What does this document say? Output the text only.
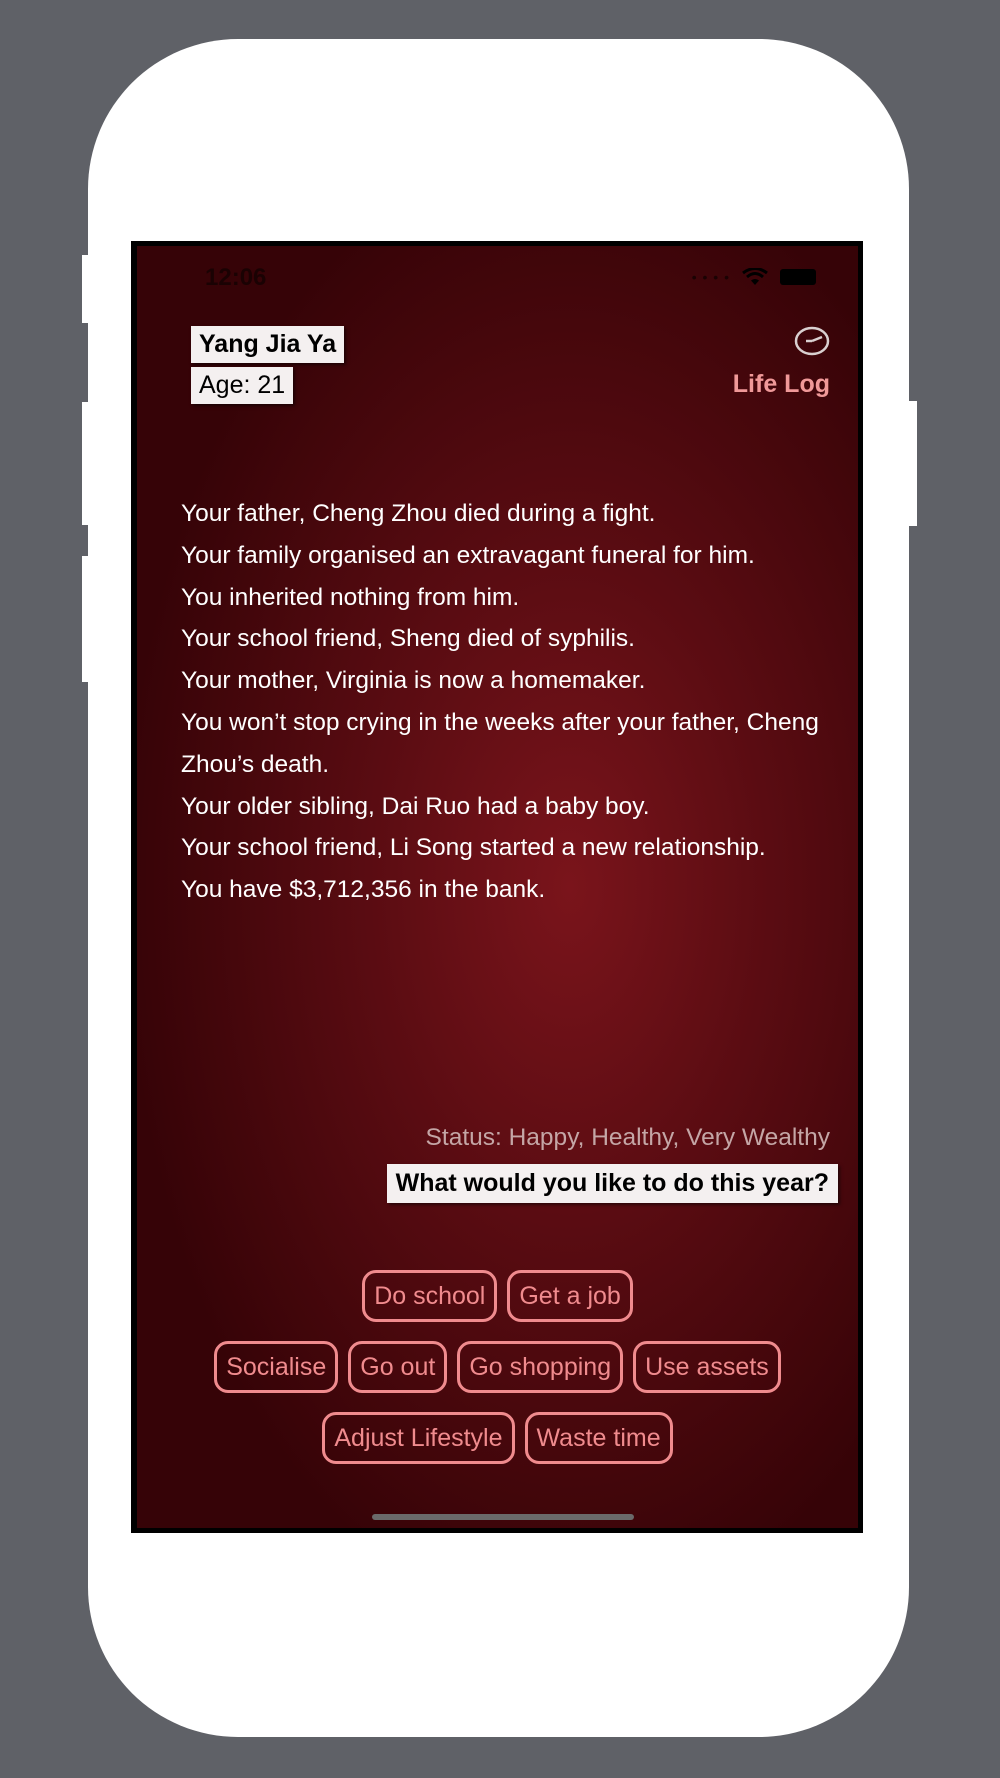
12:06	• • • •
Yang Jia Ya
Age: 21	Life Log
Your father, Cheng Zhou died during a fight.
Your family organised an extravagant funeral for him.
You inherited nothing from him.
Your school friend, Sheng died of syphilis.
Your mother, Virginia is now a homemaker.
You won’t stop crying in the weeks after your father, Cheng Zhou’s death.
Your older sibling, Dai Ruo had a baby boy.
Your school friend, Li Song started a new relationship.
You have $3,712,356 in the bank.
Status: Happy, Healthy, Very Wealthy
What would you like to do this year?
Do school	Get a job
Socialise	Go out	Go shopping	Use assets
Adjust Lifestyle	Waste time
